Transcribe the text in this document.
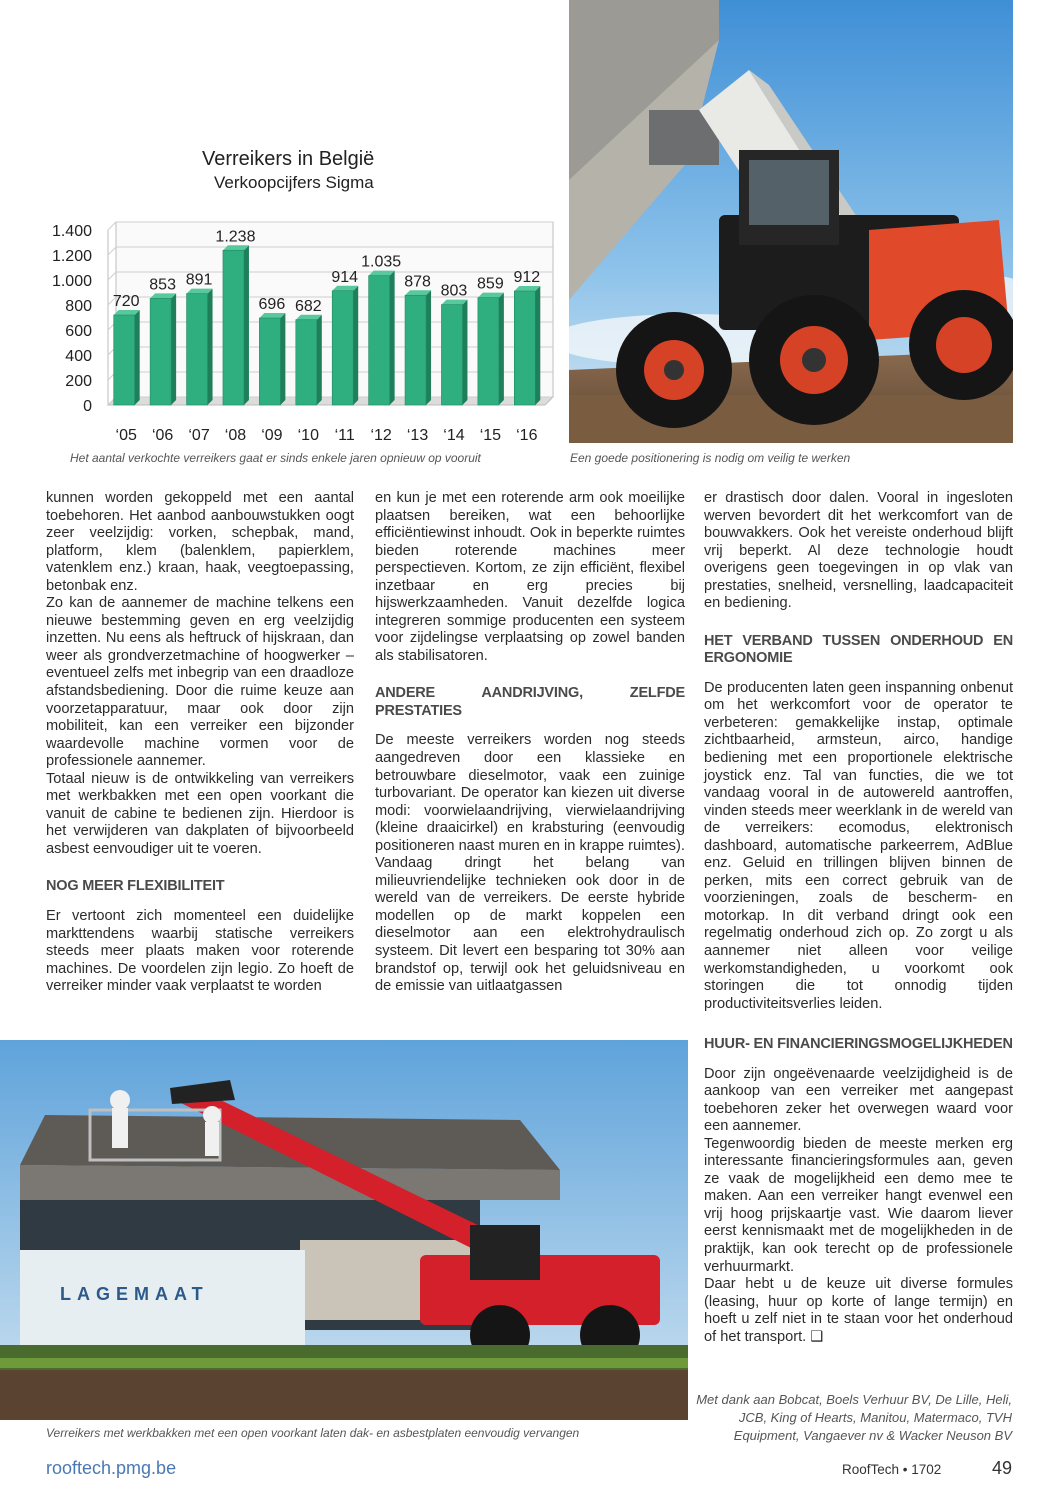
0
200
400
600
800
1.000
1.200
1.400
720
‘05
853
‘06
891
‘07
1.238
‘08
696
‘09
682
‘10
914
‘11
1.035
‘12
878
‘13
803
‘14
859
‘15
912
‘16
Verreikers in België
Verkoopcijfers Sigma
Het aantal verkochte verreikers gaat er sinds enkele jaren opnieuw op vooruit	Een goede positionering is nodig om veilig te werken

kunnen worden gekoppeld met een aantal toebehoren. Het aanbod aanbouwstukken oogt zeer veelzijdig: vorken, schepbak, mand, platform, klem (balenklem, papierklem, vatenklem enz.) kraan, haak, veegtoepassing, betonbak enz.

Zo kan de aannemer de machine telkens een nieuwe bestemming geven en erg veelzijdig inzetten. Nu eens als heftruck of hijskraan, dan weer als grondverzetmachine of hoogwerker – eventueel zelfs met inbegrip van een draadloze afstandsbediening. Door die ruime keuze aan voorzetapparatuur, maar ook door zijn mobiliteit, kan een verreiker een bijzonder waardevolle machine vormen voor de professionele aannemer.

Totaal nieuw is de ontwikkeling van verreikers met werkbakken met een open voorkant die vanuit de cabine te bedienen zijn. Hierdoor is het verwijderen van dakplaten of bijvoorbeeld asbest eenvoudiger uit te voeren.

NOG MEER FLEXIBILITEIT

Er vertoont zich momenteel een duidelijke markttendens waarbij statische verreikers steeds meer plaats maken voor roterende machines. De voordelen zijn legio. Zo hoeft de verreiker minder vaak verplaatst te worden

en kun je met een roterende arm ook moeilijke plaatsen bereiken, wat een behoorlijke efficiëntiewinst inhoudt. Ook in beperkte ruimtes bieden roterende machines meer perspectieven. Kortom, ze zijn efficiënt, flexibel inzetbaar en erg precies bij hijswerkzaamheden. Vanuit dezelfde logica integreren sommige producenten een systeem voor zijdelingse verplaatsing op zowel banden als stabilisatoren.

ANDERE AANDRIJVING, ZELFDE PRESTATIES

De meeste verreikers worden nog steeds aangedreven door een klassieke en betrouwbare dieselmotor, vaak een zuinige turbovariant. De operator kan kiezen uit diverse modi: voorwielaandrijving, vierwielaandrijving (kleine draaicirkel) en krabsturing (eenvoudig positioneren naast muren en in krappe ruimtes).

Vandaag dringt het belang van milieuvriendelijke technieken ook door in de wereld van de verreikers. De eerste hybride modellen op de markt koppelen een dieselmotor aan een elektrohydraulisch systeem. Dit levert een besparing tot 30% aan brandstof op, terwijl ook het geluidsniveau en de emissie van uitlaatgassen

er drastisch door dalen. Vooral in ingesloten werven bevordert dit het werkcomfort van de bouwvakkers. Ook het vereiste onderhoud blijft vrij beperkt. Al deze technologie houdt overigens geen toegevingen in op vlak van prestaties, snelheid, versnelling, laadcapaciteit en bediening.

HET VERBAND TUSSEN ONDERHOUD EN ERGONOMIE

De producenten laten geen inspanning onbenut om het werkcomfort voor de operator te verbeteren: gemakkelijke instap, optimale zichtbaarheid, armsteun, airco, handige bediening met een proportionele elektrische joystick enz. Tal van functies, die we tot vandaag vooral in de autowereld aantroffen, vinden steeds meer weerklank in de wereld van de verreikers: ecomodus, elektronisch dashboard, automatische parkeerrem, AdBlue enz. Geluid en trillingen blijven binnen de perken, mits een correct gebruik van de voorzieningen, zoals de bescherm- en motorkap. In dit verband dringt ook een regelmatig onderhoud zich op. Zo zorgt u als aannemer niet alleen voor veilige werkomstandigheden, u voorkomt ook storingen die tot onnodig tijden productiviteitsverlies leiden.

HUUR- EN FINANCIERINGSMOGELIJKHEDEN

Door zijn ongeëvenaarde veelzijdigheid is de aankoop van een verreiker met aangepast toebehoren zeker het overwegen waard voor een aannemer.

Tegenwoordig bieden de meeste merken erg interessante financieringsformules aan, geven ze vaak de mogelijkheid een demo mee te maken. Aan een verreiker hangt evenwel een vrij hoog prijskaartje vast. Wie daarom liever eerst kennismaakt met de mogelijkheden in de praktijk, kan ook terecht op de professionele verhuurmarkt.

Daar hebt u de keuze uit diverse formules (leasing, huur op korte of lange termijn) en hoeft u zelf niet in te staan voor het onderhoud of het transport. ❑

LAGEMAAT
Verreikers met werkbakken met een open voorkant laten dak- en asbestplaten eenvoudig vervangen
Met dank aan Bobcat, Boels Verhuur BV, De Lille, Heli, JCB, King of Hearts, Manitou, Matermaco, TVH Equipment, Vangaever nv & Wacker Neuson BV
rooftech.pmg.be	RoofTech • 1702	49
